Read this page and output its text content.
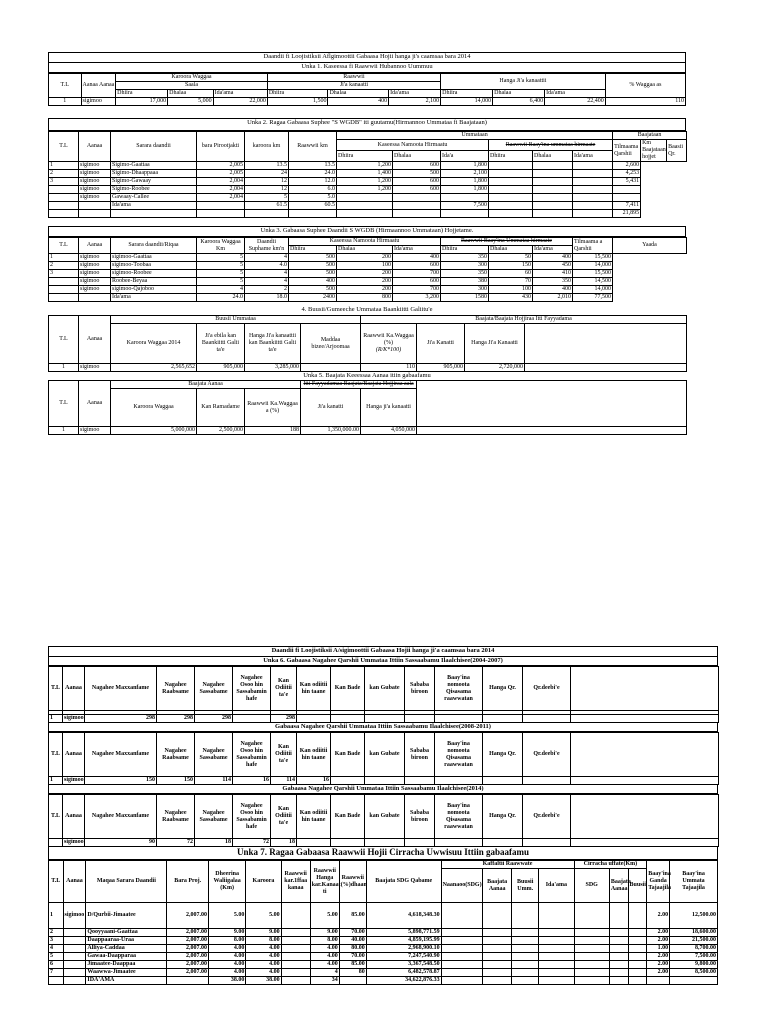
Daandii fi Loojistiksii Aflgimoottii Gabaasa Hojii hanga ji's caamsaa bara 2014
Unka 1. Kaseessa fi Raawwii Hubannoo Uummuu
T.L	Aanaa Aanaa	Karoora Waggaa			Raawwii			Hanga Ji'a kanaattii			% Waggaa as
		Saala			Ji'a kanaatti						
		Dhiira	Dhalaa	Ida'ama	Dhiira	Dhalaa	Ida'ama	Dhiira	Dhalaa	Ida'ama	
1	sigimoo	17,000	5,000	22,000	1,500	400	2,100	14,000	6,400	22,400	110
Unka 2. Ragaa Gabaasa Suphee "S WGDB" iti guutamu(Hirmannoo Ummataa fi Baajataan)
T.L	Aanaa	Sarara daandii	bara Pirootjakti	karoora km	Raawwii km	Ummataan						Baajataan		
						Kaseessa Namoota Hirmaatu			Raawwii Baay'ina ummataa hirmaate			Tilmaama Qarshii	Km Baajataan hojjet	Baasii Qr.
						Dhiira	Dhalaa	Ida'a	Dhiira	Dhalaa	Ida'ama			
1	sigimoo	Sigimo-Gaattaa	2,005	13.5	13.5	1,200	600	1,800				2,600		
2	sigimoo	Sigimo-Dhaappaaa	2,005	24	24.0	1,400	500	2,100				4,253		
3	sigimoo	Sigimo-Gawaay	2,004	12	12.0	1,200	600	1,800				5,431		
	sigimoo	Sigimo-Roobee	2,004	12	6.0	1,200	600	1,800						
	sigimoo	Gawaay-Callee	2,004	5	5.0									
		Ida'ama		61.5	60.5			7,500				7,411		
												21,895		
Unka 3. Gabaasa Suphee Daandii S WGDB (Hirmaannoo Ummataan) Hojjetame.
T.L	Aanaa	Sarara daandii/Riqaa	Karoora Waggaa Km	Daandii Suphame km'n	Kaseessa Namoota Hirmaatu			Raawwii Baay'ina Ummataa hirmaate			Tilmaama a Qarshii	Yaada
					Dhiira	Dhalaa	Ida'ama	Dhiira	Dhalaa	Ida'ama		
1	sigimoo	sigimoo-Gaattaa	5	4	500	200	400	350	50	400	15,500	
2	sigimoo	sigimoo-Toobaa	5	4.0	500	100	600	300	150	450	14,000	
3	sigimoo	sigimoo-Roobee	5	4	500	200	700	350	60	410	15,500	
	sigimoo	Roobee-Beyaa	5	4	400	200	600	380	70	350	14,500	
	sigimoo	sigimoo-Qajoboo	4	2	500	200	700	300	100	400	14,000	
		Ida'ama	24.0	18.0	2400	800	3,200	1580	430	2,010	77,500	
4. Buusii/Gumeeche Ummataa Baankiitti Galiitu'e
T.L	Aanaa	Buusii Ummataa				Baajata/Baajata Hojjiraa Itti Fayyadama			
		Karoora Waggaa 2014	Ji'a ebila kan Baankiitti Galii ta'e	Hanga Ji'a kanaattii kan Baankiitti Galii ta'e	Maddaa bizee/Arjoomaa	Raawwii Ka.Waggaa (%)
(R/K*100)	Ji'a Kanatti	Hanga Ji'a Kanaatti	
1	sigimoo	2,565,652	905,000	3,285,000		110	905,000	2,720,000	
Unka 5. Baajata Keeessaa Aanaa itiin gabaafamu
T.L	Aanaa	Baajata Aanaa			Itti Fayyadamaa Baajata/Baajata Hojjiraa aala		
		Karoora Waggaa	Kan Ramadame	Raawwii Ka.Waggaa a (%)	Ji'a kanatti	Hanga ji'a kanaatti	
1	sigimoo	5,000,000	2,500,000	188	1,350,000.00	4,050,000	
Daandii fi Loojistiksii A/sigimoottii Gabaasa Hojii hanga ji'a caamsaa bara 2014
Unka 6. Gabaasa Nagahee Qarshii Ummataa Ittiin Sassaabamu Ilaalchisee(2004-2007)
T.L	Aanaa	Nagahee Maxxanfame	Nagahee Raabsame	Nagahee Sassabame	Nagahee Osoo hin Sassabamin hafe	Kan Odiitii ta'e	Kan odiitii hin taane	Kan Bade	kan Gubate	Sababa biroon	Baay'ina nomoota Qisasama raawwatan	Hanga Qr.	Qr.deebi'e	

1	sigimoo	298	298	298		298								
Gabaasa Nagahee Qarshii Ummataa Ittiin Sassaabamu Ilaalchisee(2008-2011)
T.L	Aanaa	Nagahee Maxxanfame	Nagahee Raabsame	Nagahee Sassabame	Nagahee Osoo hin Sassabamin hafe	Kan Odiitii ta'e	Kan odiitii hin taane	Kan Bade	kan Gubate	Sababa biroon	Baay'ina nomoota Qisasama raawwatan	Hanga Qr.	Qr.deebi'e	
1	sigimoo	150	150	114	16	114	16							
Gabaasa Nagahee Qarshii Ummataa Ittiin Sassaabamu Ilaalchisee(2014)
T.L	Aanaa	Nagahee Maxxanfame	Nagahee Raabsame	Nagahee Sassabame	Nagahee Osoo hin Sassabamin hafe	Kan Odiitii ta'e	Kan odiitii hin taane	Kan Bade	kan Gubate	Sababa biroon	Baay'ina nomoota Qisasama raawwatan	Hanga Qr.	Qr.deebi'e	
	sigimoo	90	72	18	72	18								
Unka 7. Ragaa Gabaasa Raawwii Hojii Cirracha Uwwisuu Ittiin gabaafamu
T.L	Aanaa	Maqaa Sarara Daandii	Bara Proj.	Dheerina Waliigalaa (Km)	Karoora	Raawwii kar.1ffaa kanaa	Raawwii Hanga kar.Kanaat ti	Raawwii (%)dhaan	Baajata SDG Qabame	Kaffaltii Raawwate				Cirracha uffate(Km)			Baay'ina Ganda Tajaajila	Baay'ina Ummata Tajaajila
										Naanaoo(SDG)	Baajata Aanaa	Buusii Umm.	Ida'ama	SDG	Baajata Aanaa	Buusii		
1	sigimoo	D/Qurbii-Jimaatee	2,007.00	5.00	5.00		5.00	85.00	4,618,348.30								2.00	12,500.00
2		Qooyyaani-Gaattaa	2,007.00	9.00	9.00		9.00	70.00	5,898,771.59								2.00	18,600.00
3		Daappaaraa-Uraa	2,007.00	8.00	8.00		8.00	40.00	4,859,195.99								2.00	21,500.00
4		Alliya-Caddaa	2,007.00	4.00	4.00		4.00	80.00	2,968,900.10								1.00	8,700.00
5		Gawaa-Daapparaa	2,007.00	4.00	4.00		4.00	70.00	7,247,540.90								2.00	7,500.00
6		Jimaatee-Daappaa	2,007.00	4.00	4.00		4.00	85.00	3,367,548.50								2.00	9,800.00
7		Waawwa-Jimaatee	2,007.00	4.00	4.00		4	80	6,482,578.87								2.00	8,500.00
		IDA'AMA		38.00	38.00		34		34,622,876.33									
